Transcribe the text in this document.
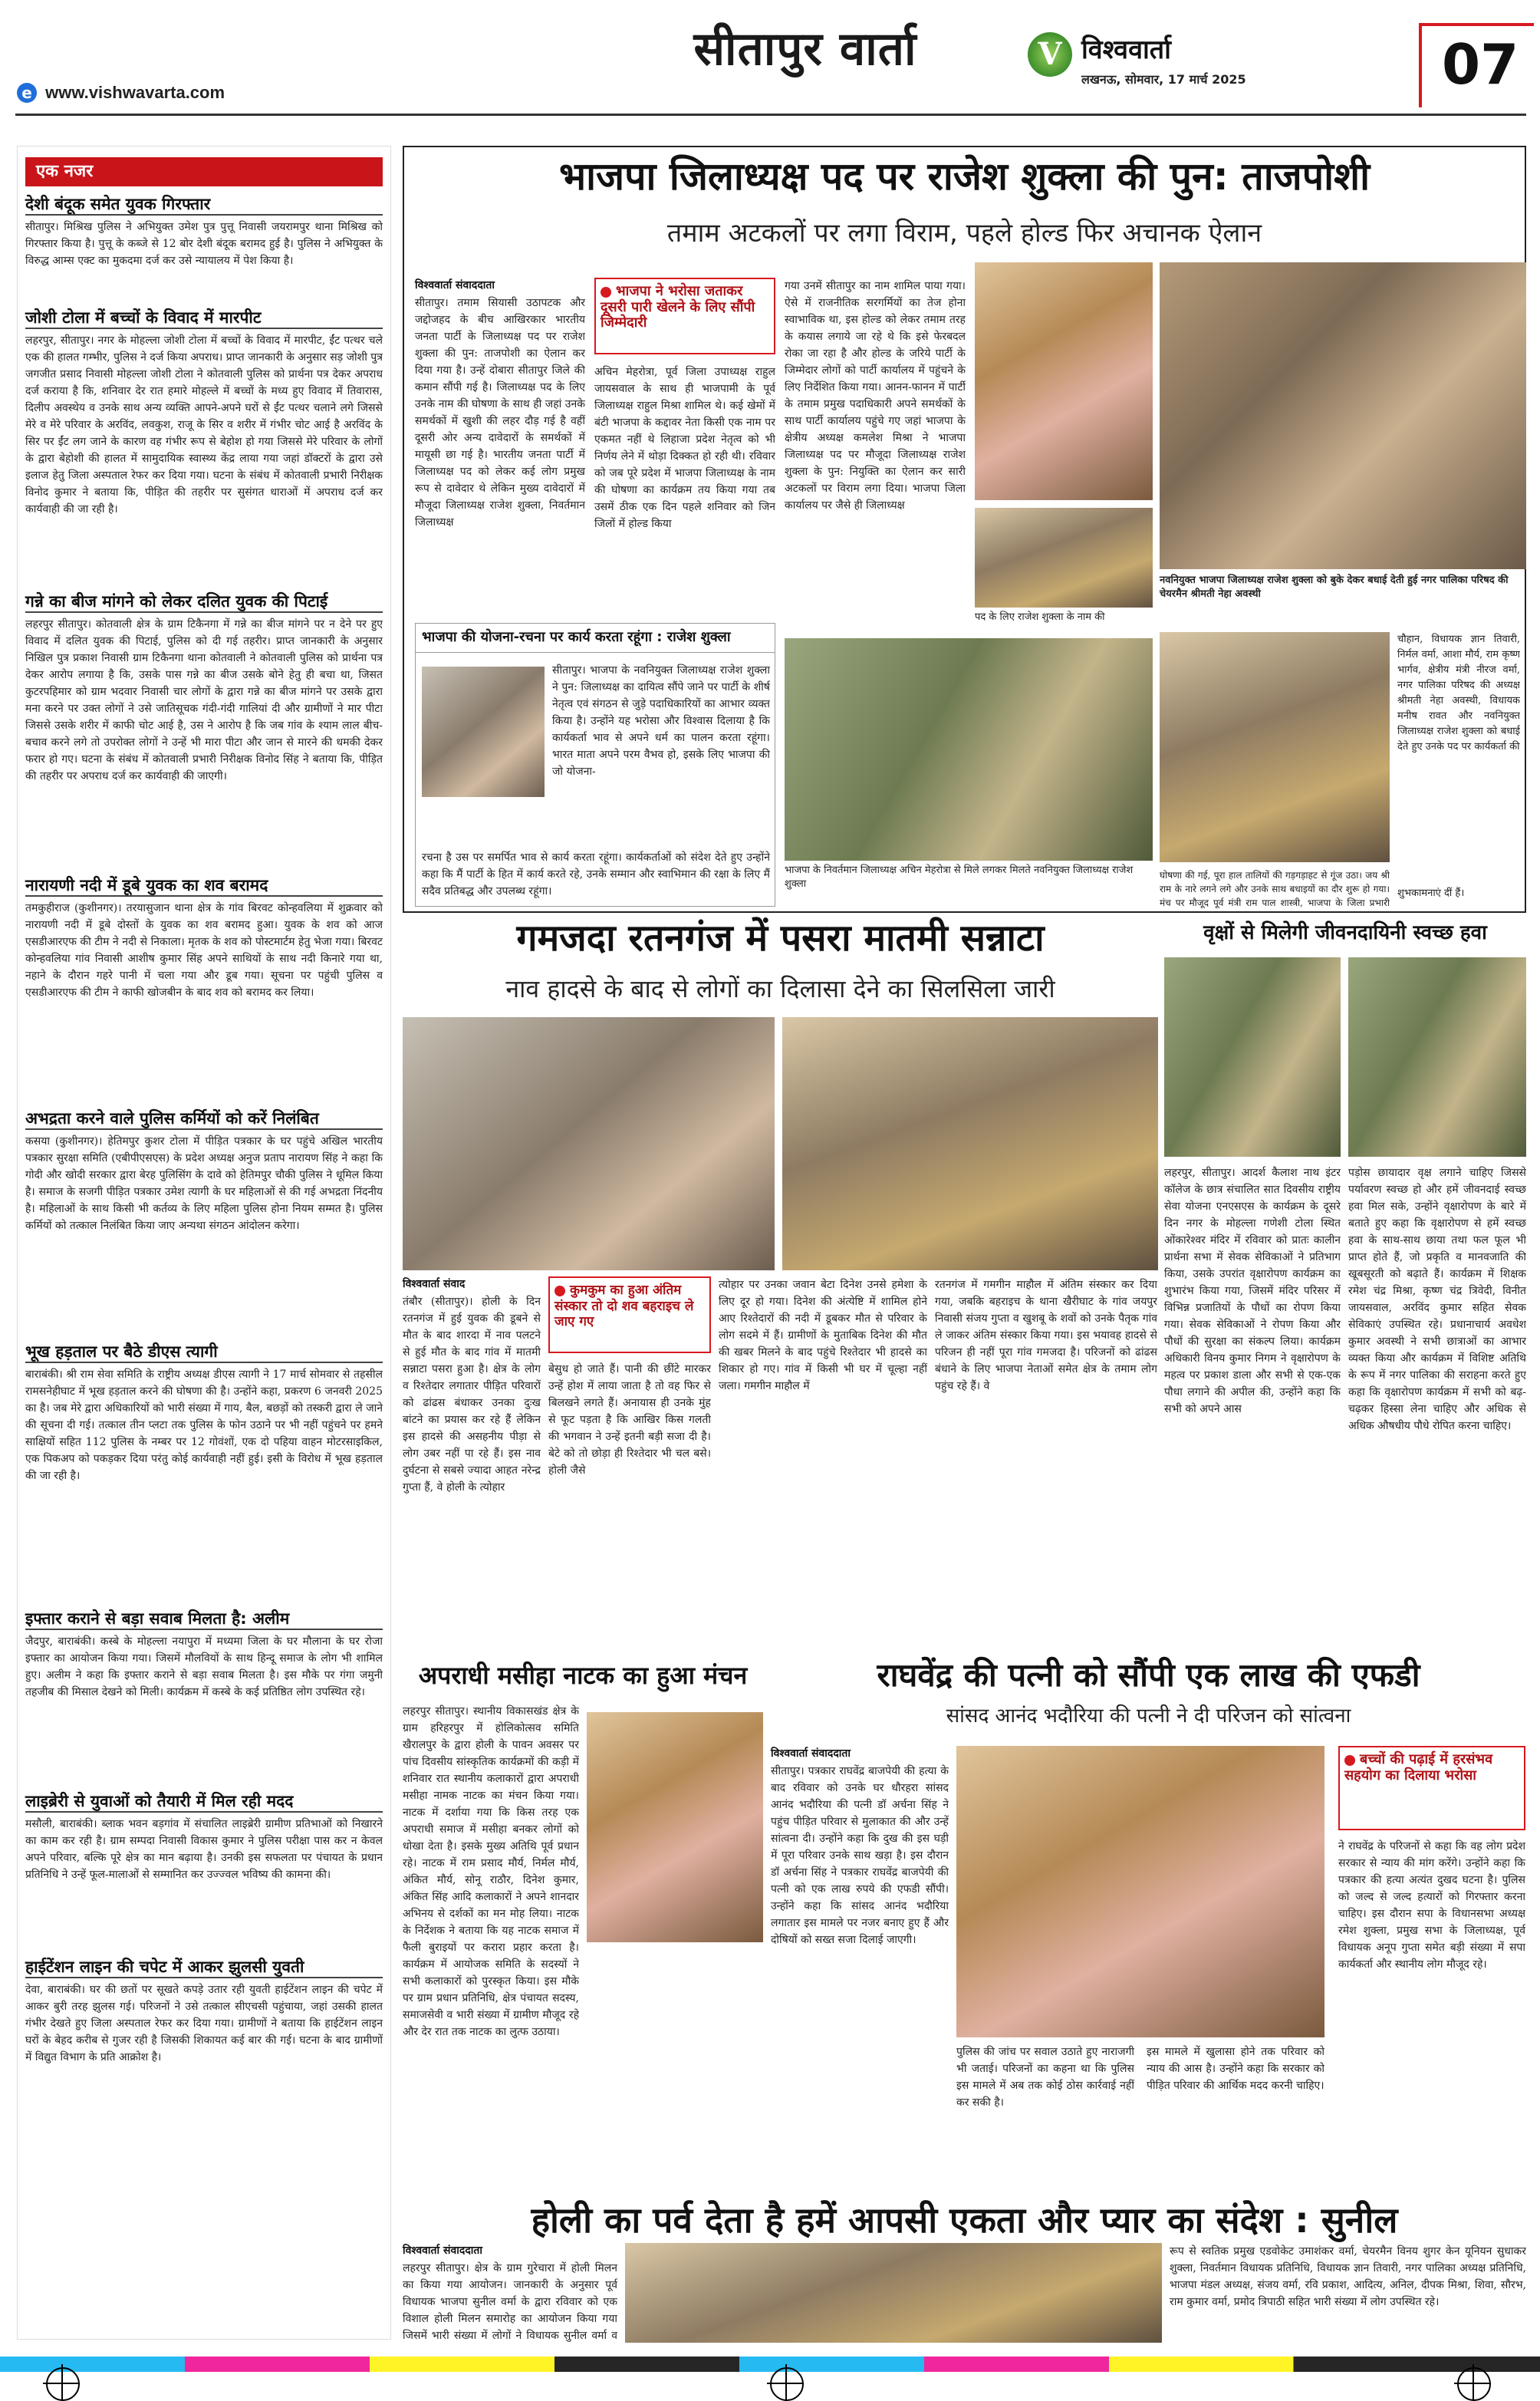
सीतापुर वार्ता
e www.vishwavarta.com
V विश्ववार्ता
लखनऊ, सोमवार, 17 मार्च 2025	07
एक नजर
देशी बंदूक समेत युवक गिरफ्तार
सीतापुर। मिश्रिख पुलिस ने अभियुक्त उमेश पुत्र पुत्तू निवासी जयरामपुर थाना मिश्रिख को गिरफ्तार किया है। पुत्तू के कब्जे से 12 बोर देशी बंदूक बरामद हुई है। पुलिस ने अभियुक्त के विरुद्ध आम्स एक्ट का मुकदमा दर्ज कर उसे न्यायालय में पेश किया है।
जोशी टोला में बच्चों के विवाद में मारपीट
लहरपुर, सीतापुर। नगर के मोहल्ला जोशी टोला में बच्चों के विवाद में मारपीट, ईंट पत्थर चले एक की हालत गम्भीर, पुलिस ने दर्ज किया अपराध। प्राप्त जानकारी के अनुसार सड़ जोशी पुत्र जगजीत प्रसाद निवासी मोहल्ला जोशी टोला ने कोतवाली पुलिस को प्रार्थना पत्र देकर अपराध दर्ज कराया है कि, शनिवार देर रात हमारे मोहल्ले में बच्चों के मध्य हुए विवाद में तिवारास, दिलीप अवस्थेय व उनके साथ अन्य व्यक्ति आपने-अपने घरों से ईंट पत्थर चलाने लगे जिससे मेरे व मेरे परिवार के अरविंद, लवकुश, राजू के सिर व शरीर में गंभीर चोट आई है अरविंद के सिर पर ईंट लग जाने के कारण वह गंभीर रूप से बेहोश हो गया जिससे मेरे परिवार के लोगों के द्वारा बेहोशी की हालत में सामुदायिक स्वास्थ्य केंद्र लाया गया जहां डॉक्टरों के द्वारा उसे इलाज हेतु जिला अस्पताल रेफर कर दिया गया। घटना के संबंध में कोतवाली प्रभारी निरीक्षक विनोद कुमार ने बताया कि, पीड़ित की तहरीर पर सुसंगत धाराओं में अपराध दर्ज कर कार्यवाही की जा रही है।
गन्ने का बीज मांगने को लेकर दलित युवक की पिटाई
लहरपुर सीतापुर। कोतवाली क्षेत्र के ग्राम टिकैनगा में गन्ने का बीज मांगने पर न देने पर हुए विवाद में दलित युवक की पिटाई, पुलिस को दी गई तहरीर। प्राप्त जानकारी के अनुसार निखिल पुत्र प्रकाश निवासी ग्राम टिकैनगा थाना कोतवाली ने कोतवाली पुलिस को प्रार्थना पत्र देकर आरोप लगाया है कि, उसके पास गन्ने का बीज उसके बोने हेतु ही बचा था, जिसत कुटरपहिमार को ग्राम भदवार निवासी चार लोगों के द्वारा गन्ने का बीज मांगने पर उसके द्वारा मना करने पर उक्त लोगों ने उसे जातिसूचक गंदी-गंदी गालियां दी और ग्रामीणों ने मार पीटा जिससे उसके शरीर में काफी चोट आई है, उस ने आरोप है कि जब गांव के श्याम लाल बीच-बचाव करने लगे तो उपरोक्त लोगों ने उन्हें भी मारा पीटा और जान से मारने की धमकी देकर फरार हो गए। घटना के संबंध में कोतवाली प्रभारी निरीक्षक विनोद सिंह ने बताया कि, पीड़ित की तहरीर पर अपराध दर्ज कर कार्यवाही की जाएगी।
नारायणी नदी में डूबे युवक का शव बरामद
तमकुहीराज (कुशीनगर)। तरयासुजान थाना क्षेत्र के गांव बिरवट कोन्हवलिया में शुक्रवार को नारायणी नदी में डूबे दोस्तों के युवक का शव बरामद हुआ। युवक के शव को आज एसडीआरएफ की टीम ने नदी से निकाला। मृतक के शव को पोस्टमार्टम हेतु भेजा गया। बिरवट कोन्हवलिया गांव निवासी आशीष कुमार सिंह अपने साथियों के साथ नदी किनारे गया था, नहाने के दौरान गहरे पानी में चला गया और डूब गया। सूचना पर पहुंची पुलिस व एसडीआरएफ की टीम ने काफी खोजबीन के बाद शव को बरामद कर लिया।
अभद्रता करने वाले पुलिस कर्मियों को करें निलंबित
कसया (कुशीनगर)। हेतिमपुर कुशर टोला में पीड़ित पत्रकार के घर पहुंचे अखिल भारतीय पत्रकार सुरक्षा समिति (एबीपीएसएस) के प्रदेश अध्यक्ष अनुज प्रताप नारायण सिंह ने कहा कि गोदी और खोदी सरकार द्वारा बेरह पुलिसिंग के दावे को हेतिमपुर चौकी पुलिस ने धूमिल किया है। समाज के सजगी पीड़ित पत्रकार उमेश त्यागी के घर महिलाओं से की गई अभद्रता निंदनीय है। महिलाओं के साथ किसी भी कर्तव्य के लिए महिला पुलिस होना नियम सम्मत है। पुलिस कर्मियों को तत्काल निलंबित किया जाए अन्यथा संगठन आंदोलन करेगा।
भूख हड़ताल पर बैठे डीएस त्यागी
बाराबंकी। श्री राम सेवा समिति के राष्ट्रीय अध्यक्ष डीएस त्यागी ने 17 मार्च सोमवार से तहसील रामसनेहीघाट में भूख हड़ताल करने की घोषणा की है। उन्होंने कहा, प्रकरण 6 जनवरी 2025 का है। जब मेरे द्वारा अधिकारियों को भारी संख्या में गाय, बैल, बछड़ों को तस्करी द्वारा ले जाने की सूचना दी गई। तत्काल तीन प्लटा तक पुलिस के फोन उठाने पर भी नहीं पहुंचने पर हमने साक्षियों सहित 112 पुलिस के नम्बर पर 12 गोवंशों, एक दो पहिया वाहन मोटरसाइकिल, एक पिकअप को पकड़कर दिया परंतु कोई कार्यवाही नहीं हुई। इसी के विरोध में भूख हड़ताल की जा रही है।
इफ्तार कराने से बड़ा सवाब मिलता है: अलीम
जैदपुर, बाराबंकी। कस्बे के मोहल्ला नयापुरा में मध्यमा जिला के घर मौलाना के घर रोजा इफ्तार का आयोजन किया गया। जिसमें मौलवियों के साथ हिन्दू समाज के लोग भी शामिल हुए। अलीम ने कहा कि इफ्तार कराने से बड़ा सवाब मिलता है। इस मौके पर गंगा जमुनी तहजीब की मिसाल देखने को मिली। कार्यक्रम में कस्बे के कई प्रतिष्ठित लोग उपस्थित रहे।
लाइब्रेरी से युवाओं को तैयारी में मिल रही मदद
मसौली, बाराबंकी। ब्लाक भवन बड़गांव में संचालित लाइब्रेरी ग्रामीण प्रतिभाओं को निखारने का काम कर रही है। ग्राम सम्पदा निवासी विकास कुमार ने पुलिस परीक्षा पास कर न केवल अपने परिवार, बल्कि पूरे क्षेत्र का मान बढ़ाया है। उनकी इस सफलता पर पंचायत के प्रधान प्रतिनिधि ने उन्हें फूल-मालाओं से सम्मानित कर उज्ज्वल भविष्य की कामना की।
हाईटेंशन लाइन की चपेट में आकर झुलसी युवती
देवा, बाराबंकी। घर की छतों पर सूखते कपड़े उतार रही युवती हाईटेंशन लाइन की चपेट में आकर बुरी तरह झुलस गई। परिजनों ने उसे तत्काल सीएचसी पहुंचाया, जहां उसकी हालत गंभीर देखते हुए जिला अस्पताल रेफर कर दिया गया। ग्रामीणों ने बताया कि हाईटेंशन लाइन घरों के बेहद करीब से गुजर रही है जिसकी शिकायत कई बार की गई। घटना के बाद ग्रामीणों में विद्युत विभाग के प्रति आक्रोश है।
भाजपा जिलाध्यक्ष पद पर राजेश शुक्ला की पुन: ताजपोशी
तमाम अटकलों पर लगा विराम, पहले होल्ड फिर अचानक ऐलान
विश्ववार्ता संवाददाता
सीतापुर। तमाम सियासी उठापटक और जद्दोजहद के बीच आखिरकार भारतीय जनता पार्टी के जिलाध्यक्ष पद पर राजेश शुक्ला की पुन: ताजपोशी का ऐलान कर दिया गया है। उन्हें दोबारा सीतापुर जिले की कमान सौंपी गई है। जिलाध्यक्ष पद के लिए उनके नाम की घोषणा के साथ ही जहां उनके समर्थकों में खुशी की लहर दौड़ गई है वहीं दूसरी ओर अन्य दावेदारों के समर्थकों में मायूसी छा गई है। भारतीय जनता पार्टी में जिलाध्यक्ष पद को लेकर कई लोग प्रमुख रूप से दावेदार थे लेकिन मुख्य दावेदारों में मौजूदा जिलाध्यक्ष राजेश शुक्ला, निवर्तमान जिलाध्यक्ष
भाजपा ने भरोसा जताकर दूसरी पारी खेलने के लिए सौंपी जिम्मेदारी
अचिन मेहरोत्रा, पूर्व जिला उपाध्यक्ष राहुल जायसवाल के साथ ही भाजपामी के पूर्व जिलाध्यक्ष राहुल मिश्रा शामिल थे। कई खेमों में बंटी भाजपा के कद्दावर नेता किसी एक नाम पर एकमत नहीं थे लिहाजा प्रदेश नेतृत्व को भी निर्णय लेने में थोड़ा दिक्कत हो रही थी। रविवार को जब पूरे प्रदेश में भाजपा जिलाध्यक्ष के नाम की घोषणा का कार्यक्रम तय किया गया तब उसमें ठीक एक दिन पहले शनिवार को जिन जिलों में होल्ड किया
गया उनमें सीतापुर का नाम शामिल पाया गया। ऐसे में राजनीतिक सरगर्मियों का तेज होना स्वाभाविक था, इस होल्ड को लेकर तमाम तरह के कयास लगाये जा रहे थे कि इसे फेरबदल रोका जा रहा है और होल्ड के जरिये पार्टी के जिम्मेदार लोगों को पार्टी कार्यालय में पहुंचने के लिए निर्देशित किया गया। आनन-फानन में पार्टी के तमाम प्रमुख पदाधिकारी अपने समर्थकों के साथ पार्टी कार्यालय पहुंचे गए जहां भाजपा के क्षेत्रीय अध्यक्ष कमलेश मिश्रा ने भाजपा जिलाध्यक्ष पद पर मौजूदा जिलाध्यक्ष राजेश शुक्ला के पुन: नियुक्ति का ऐलान कर सारी अटकलों पर विराम लगा दिया। भाजपा जिला कार्यालय पर जैसे ही जिलाध्यक्ष
नवनियुक्त भाजपा जिलाध्यक्ष राजेश शुक्ला को बुके देकर बधाई देती हुई नगर पालिका परिषद की चेयरमैन श्रीमती नेहा अवस्थी
पद के लिए राजेश शुक्ला के नाम की
भाजपा की योजना-रचना पर कार्य करता रहूंगा : राजेश शुक्ला
सीतापुर। भाजपा के नवनियुक्त जिलाध्यक्ष राजेश शुक्ला ने पुन: जिलाध्यक्ष का दायित्व सौंपे जाने पर पार्टी के शीर्ष नेतृत्व एवं संगठन से जुड़े पदाधिकारियों का आभार व्यक्त किया है। उन्होंने यह भरोसा और विश्वास दिलाया है कि कार्यकर्ता भाव से अपने धर्म का पालन करता रहूंगा। भारत माता अपने परम वैभव हो, इसके लिए भाजपा की जो योजना-
रचना है उस पर समर्पित भाव से कार्य करता रहूंगा। कार्यकर्ताओं को संदेश देते हुए उन्होंने कहा कि मैं पार्टी के हित में कार्य करते रहे, उनके सम्मान और स्वाभिमान की रक्षा के लिए मैं सदैव प्रतिबद्ध और उपलब्ध रहूंगा।
भाजपा के निवर्तमान जिलाध्यक्ष अचिन मेहरोत्रा से मिले लगकर मिलते नवनियुक्त जिलाध्यक्ष राजेश शुक्ला
घोषणा की गई, पूरा हाल तालियों की गड़गड़ाहट से गूंज उठा। जय श्री राम के नारे लगने लगे और उनके साथ बधाइयों का दौर शुरू हो गया। मंच पर मौजूद पूर्व मंत्री राम पाल शास्त्री, भाजपा के जिला प्रभारी
चौहान, विधायक ज्ञान तिवारी, निर्मल वर्मा, आशा मौर्य, राम कृष्ण भार्गव, क्षेत्रीय मंत्री नीरज वर्मा, नगर पालिका परिषद की अध्यक्ष श्रीमती नेहा अवस्थी, विधायक मनीष रावत और नवनियुक्त जिलाध्यक्ष राजेश शुक्ला को बधाई देते हुए उनके पद पर कार्यकर्ता की
शुभकामनाएं दीं हैं।
गमजदा रतनगंज में पसरा मातमी सन्नाटा
नाव हादसे के बाद से लोगों का दिलासा देने का सिलसिला जारी
विश्ववार्ता संवाद
तंबौर (सीतापुर)। होली के दिन रतनगंज में हुई युवक की डूबने से मौत के बाद शारदा में नाव पलटने से हुई मौत के बाद गांव में मातमी सन्नाटा पसरा हुआ है। क्षेत्र के लोग व रिश्तेदार लगातार पीड़ित परिवारों को ढांढस बंधाकर उनका दुःख बांटने का प्रयास कर रहे हैं लेकिन इस हादसे की असहनीय पीड़ा से लोग उबर नहीं पा रहे हैं। इस नाव दुर्घटना से सबसे ज्यादा आहत नरेन्द्र गुप्ता हैं, वे होली के त्योहार
कुमकुम का हुआ अंतिम संस्कार तो दो शव बहराइच ले जाए गए
बेसुध हो जाते हैं। पानी की छींटे मारकर उन्हें होश में लाया जाता है तो वह फिर से बिलखने लगते हैं। अनायास ही उनके मुंह से फूट पड़ता है कि आखिर किस गलती की भगवान ने उन्हें इतनी बड़ी सजा दी है। बेटे को तो छोड़ा ही रिश्तेदार भी चल बसे। होली जैसे
त्योहार पर उनका जवान बेटा दिनेश उनसे हमेशा के लिए दूर हो गया। दिनेश की अंत्येष्टि में शामिल होने आए रिश्तेदारों की नदी में डूबकर मौत से परिवार के लोग सदमे में हैं। ग्रामीणों के मुताबिक दिनेश की मौत की खबर मिलने के बाद पहुंचे रिश्तेदार भी हादसे का शिकार हो गए। गांव में किसी भी घर में चूल्हा नहीं जला। गमगीन माहौल में
रतनगंज में गमगीन माहौल में अंतिम संस्कार कर दिया गया, जबकि बहराइच के थाना खैरीघाट के गांव जयपुर निवासी संजय गुप्ता व खुशबू के शवों को उनके पैतृक गांव ले जाकर अंतिम संस्कार किया गया। इस भयावह हादसे से परिजन ही नहीं पूरा गांव गमजदा है। परिजनों को ढांढस बंधाने के लिए भाजपा नेताओं समेत क्षेत्र के तमाम लोग पहुंच रहे हैं। वे
वृक्षों से मिलेगी जीवनदायिनी स्वच्छ हवा
लहरपुर, सीतापुर। आदर्श कैलाश नाथ इंटर कॉलेज के छात्र संचालित सात दिवसीय राष्ट्रीय सेवा योजना एनएसएस के कार्यक्रम के दूसरे दिन नगर के मोहल्ला गणेशी टोला स्थित ओंकारेश्वर मंदिर में रविवार को प्रातः कालीन प्रार्थना सभा में सेवक सेविकाओं ने प्रतिभाग किया, उसके उपरांत वृक्षारोपण कार्यक्रम का शुभारंभ किया गया, जिसमें मंदिर परिसर में विभिन्न प्रजातियों के पौधों का रोपण किया गया। सेवक सेविकाओं ने रोपण किया और पौधों की सुरक्षा का संकल्प लिया। कार्यक्रम अधिकारी विनय कुमार निगम ने वृक्षारोपण के महत्व पर प्रकाश डाला और सभी से एक-एक पौधा लगाने की अपील की, उन्होंने कहा कि सभी को अपने आस
पड़ोस छायादार वृक्ष लगाने चाहिए जिससे पर्यावरण स्वच्छ हो और हमें जीवनदाई स्वच्छ हवा मिल सके, उन्होंने वृक्षारोपण के बारे में बताते हुए कहा कि वृक्षारोपण से हमें स्वच्छ हवा के साथ-साथ छाया तथा फल फूल भी प्राप्त होते हैं, जो प्रकृति व मानवजाति की खूबसूरती को बढ़ाते हैं। कार्यक्रम में शिक्षक रमेश चंद्र मिश्रा, कृष्ण चंद्र त्रिवेदी, विनीत जायसवाल, अरविंद कुमार सहित सेवक सेविकाएं उपस्थित रहे। प्रधानाचार्य अवधेश कुमार अवस्थी ने सभी छात्राओं का आभार व्यक्त किया और कार्यक्रम में विशिष्ट अतिथि के रूप में नगर पालिका की सराहना करते हुए कहा कि वृक्षारोपण कार्यक्रम में सभी को बढ़-चढ़कर हिस्सा लेना चाहिए और अधिक से अधिक औषधीय पौधे रोपित करना चाहिए।
अपराधी मसीहा नाटक का हुआ मंचन
लहरपुर सीतापुर। स्थानीय विकासखंड क्षेत्र के ग्राम हरिहरपुर में होलिकोत्सव समिति खैरालपुर के द्वारा होली के पावन अवसर पर पांच दिवसीय सांस्कृतिक कार्यक्रमों की कड़ी में शनिवार रात स्थानीय कलाकारों द्वारा अपराधी मसीहा नामक नाटक का मंचन किया गया। नाटक में दर्शाया गया कि किस तरह एक अपराधी समाज में मसीहा बनकर लोगों को धोखा देता है। इसके मुख्य अतिथि पूर्व प्रधान रहे। नाटक में राम प्रसाद मौर्य, निर्मल मौर्य, अंकित मौर्य, सोनू राठौर, दिनेश कुमार, अंकित सिंह आदि कलाकारों ने अपने शानदार अभिनय से दर्शकों का मन मोह लिया। नाटक के निर्देशक ने बताया कि यह नाटक समाज में फैली बुराइयों पर करारा प्रहार करता है। कार्यक्रम में आयोजक समिति के सदस्यों ने सभी कलाकारों को पुरस्कृत किया। इस मौके पर ग्राम प्रधान प्रतिनिधि, क्षेत्र पंचायत सदस्य, समाजसेवी व भारी संख्या में ग्रामीण मौजूद रहे और देर रात तक नाटक का लुत्फ उठाया।
राघवेंद्र की पत्नी को सौंपी एक लाख की एफडी
सांसद आनंद भदौरिया की पत्नी ने दी परिजन को सांत्वना
विश्ववार्ता संवाददाता
सीतापुर। पत्रकार राघवेंद्र बाजपेयी की हत्या के बाद रविवार को उनके घर धौरहरा सांसद आनंद भदौरिया की पत्नी डॉ अर्चना सिंह ने पहुंच पीड़ित परिवार से मुलाकात की और उन्हें सांत्वना दी। उन्होंने कहा कि दुख की इस घड़ी में पूरा परिवार उनके साथ खड़ा है। इस दौरान डॉ अर्चना सिंह ने पत्रकार राघवेंद्र बाजपेयी की पत्नी को एक लाख रुपये की एफडी सौंपी। उन्होंने कहा कि सांसद आनंद भदौरिया लगातार इस मामले पर नजर बनाए हुए हैं और दोषियों को सख्त सजा दिलाई जाएगी।
पुलिस की जांच पर सवाल उठाते हुए नाराजगी भी जताई। परिजनों का कहना था कि पुलिस इस मामले में अब तक कोई ठोस कार्रवाई नहीं कर सकी है।
इस मामले में खुलासा होने तक परिवार को न्याय की आस है। उन्होंने कहा कि सरकार को पीड़ित परिवार की आर्थिक मदद करनी चाहिए।
बच्चों की पढ़ाई में हरसंभव सहयोग का दिलाया भरोसा
ने राघवेंद्र के परिजनों से कहा कि वह लोग प्रदेश सरकार से न्याय की मांग करेंगे। उन्होंने कहा कि पत्रकार की हत्या अत्यंत दुखद घटना है। पुलिस को जल्द से जल्द हत्यारों को गिरफ्तार करना चाहिए। इस दौरान सपा के विधानसभा अध्यक्ष रमेश शुक्ला, प्रमुख सभा के जिलाध्यक्ष, पूर्व विधायक अनूप गुप्ता समेत बड़ी संख्या में सपा कार्यकर्ता और स्थानीय लोग मौजूद रहे।
होली का पर्व देता है हमें आपसी एकता और प्यार का संदेश : सुनील
विश्ववार्ता संवाददाता
लहरपुर सीतापुर। क्षेत्र के ग्राम गुरेचारा में होली मिलन का किया गया आयोजन। जानकारी के अनुसार पूर्व विधायक भाजपा सुनील वर्मा के द्वारा रविवार को एक विशाल होली मिलन समारोह का आयोजन किया गया जिसमें भारी संख्या में लोगों ने विधायक सुनील वर्मा व
रूप से स्वतिक प्रमुख एडवोकेट उमाशंकर वर्मा, चेयरमैन विनय शुगर केन यूनियन सुधाकर शुक्ला, निवर्तमान विधायक प्रतिनिधि, विधायक ज्ञान तिवारी, नगर पालिका अध्यक्ष प्रतिनिधि, भाजपा मंडल अध्यक्ष, संजय वर्मा, रवि प्रकाश, आदित्य, अनिल, दीपक मिश्रा, शिवा, सौरभ, राम कुमार वर्मा, प्रमोद त्रिपाठी सहित भारी संख्या में लोग उपस्थित रहे।
